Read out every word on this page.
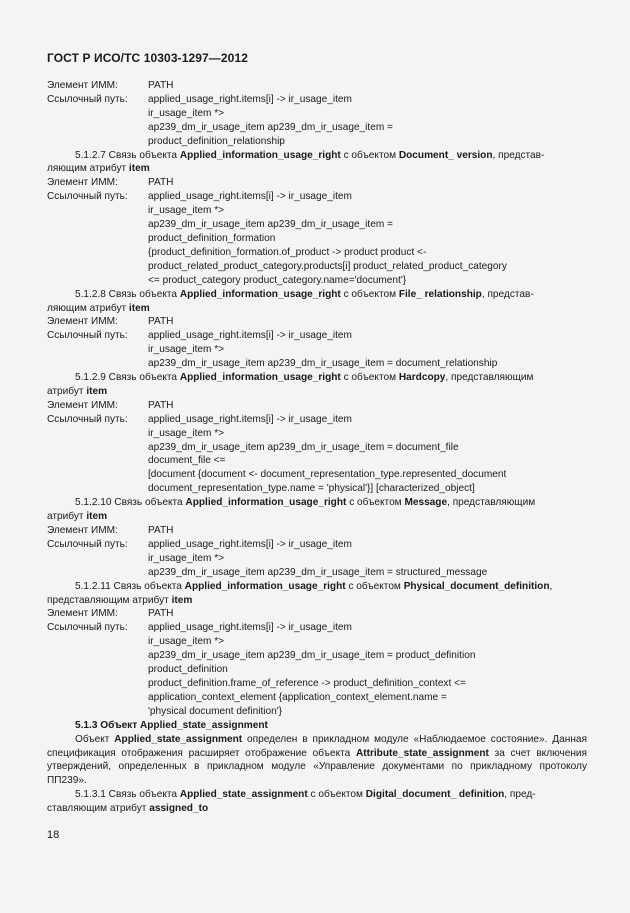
ГОСТ Р ИСО/ТС 10303-1297—2012
Элемент ИММ:	PATH
Ссылочный путь:	applied_usage_right.items[i] -> ir_usage_item
ir_usage_item *>
ap239_dm_ir_usage_item ap239_dm_ir_usage_item =
product_definition_relationship
5.1.2.7 Связь объекта Applied_information_usage_right с объектом Document_ version, представ-
ляющим атрибут item
Элемент ИММ:	PATH
Ссылочный путь:	applied_usage_right.items[i] -> ir_usage_item
ir_usage_item *>
ap239_dm_ir_usage_item ap239_dm_ir_usage_item =
product_definition_formation
{product_definition_formation.of_product -> product product <-
product_related_product_category.products[i] product_related_product_category
<= product_category product_category.name='document'}
5.1.2.8 Связь объекта Applied_information_usage_right с объектом File_ relationship, представ-
ляющим атрибут item
Элемент ИММ:	PATH
Ссылочный путь:	applied_usage_right.items[i] -> ir_usage_item
ir_usage_item *>
ap239_dm_ir_usage_item ap239_dm_ir_usage_item = document_relationship
5.1.2.9 Связь объекта Applied_information_usage_right с объектом Hardcopy, представляющим
атрибут item
Элемент ИММ:	PATH
Ссылочный путь:	applied_usage_right.items[i] -> ir_usage_item
ir_usage_item *>
ap239_dm_ir_usage_item ap239_dm_ir_usage_item = document_file
document_file <=
[document {document <- document_representation_type.represented_document
document_representation_type.name = 'physical'}] [characterized_object]
5.1.2.10 Связь объекта Applied_information_usage_right с объектом Message, представляющим
атрибут item
Элемент ИММ:	PATH
Ссылочный путь:	applied_usage_right.items[i] -> ir_usage_item
ir_usage_item *>
ap239_dm_ir_usage_item ap239_dm_ir_usage_item = structured_message
5.1.2.11 Связь объекта Applied_information_usage_right с объектом Physical_document_definition,
представляющим атрибут item
Элемент ИММ:	PATH
Ссылочный путь:	applied_usage_right.items[i] -> ir_usage_item
ir_usage_item *>
ap239_dm_ir_usage_item ap239_dm_ir_usage_item = product_definition
product_definition
product_definition.frame_of_reference -> product_definition_context <=
application_context_element {application_context_element.name =
'physical document definition'}
5.1.3 Объект Applied_state_assignment
Объект Applied_state_assignment определен в прикладном модуле «Наблюдаемое состояние». Данная спецификация отображения расширяет отображение объекта Attribute_state_assignment за счет включения утверждений, определенных в прикладном модуле «Управление документами по прикладному протоколу ПП239».
5.1.3.1 Связь объекта Applied_state_assignment с объектом Digital_document_ definition, пред-
ставляющим атрибут assigned_to
18
